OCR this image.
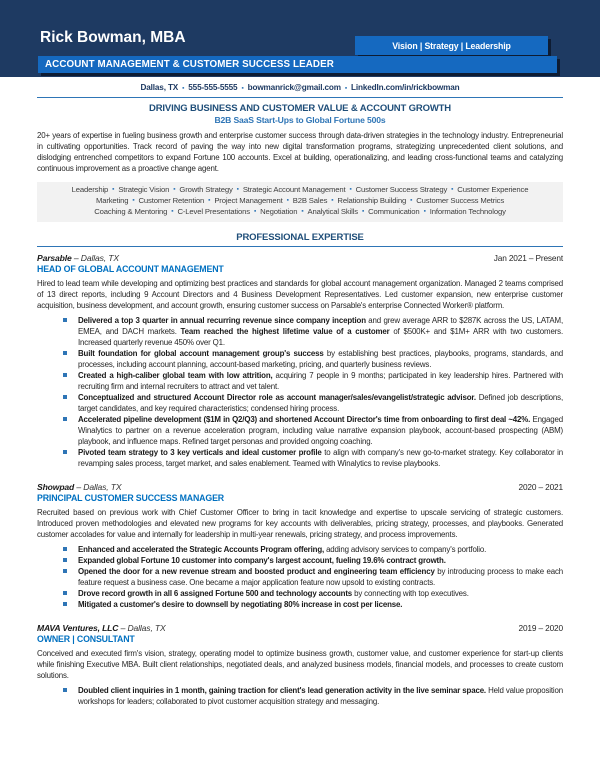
Rick Bowman, MBA	Vision | Strategy | Leadership
ACCOUNT MANAGEMENT & CUSTOMER SUCCESS LEADER
Dallas, TX ▪ 555-555-5555 ▪ bowmanrick@gmail.com ▪ LinkedIn.com/in/rickbowman
DRIVING BUSINESS AND CUSTOMER VALUE & ACCOUNT GROWTH
B2B SaaS Start-Ups to Global Fortune 500s

20+ years of expertise in fueling business growth and enterprise customer success through data-driven strategies in the technology industry. Entrepreneurial in cultivating opportunities. Track record of paving the way into new digital transformation programs, strategizing unprecedented client solutions, and dislodging entrenched competitors to expand Fortune 100 accounts. Excel at building, operationalizing, and leading cross-functional teams and catalyzing continuous improvement as a proactive change agent.

Leadership ▪ Strategic Vision ▪ Growth Strategy ▪ Strategic Account Management ▪ Customer Success Strategy ▪ Customer Experience
Marketing ▪ Customer Retention ▪ Project Management ▪ B2B Sales ▪ Relationship Building ▪ Customer Success Metrics
Coaching & Mentoring ▪ C-Level Presentations ▪ Negotiation ▪ Analytical Skills ▪ Communication ▪ Information Technology
PROFESSIONAL EXPERTISE
Parsable – Dallas, TX	Jan 2021 – Present
HEAD OF GLOBAL ACCOUNT MANAGEMENT

Hired to lead team while developing and optimizing best practices and standards for global account management organization. Managed 2 teams comprised of 13 direct reports, including 9 Account Directors and 4 Business Development Representatives. Led customer expansion, new enterprise customer acquisition, business development, and account growth, ensuring customer success on Parsable's enterprise Connected Worker® platform.

Delivered a top 3 quarter in annual recurring revenue since company inception and grew average ARR to $287K across the US, LATAM, EMEA, and DACH markets. Team reached the highest lifetime value of a customer of $500K+ and $1M+ ARR with two customers. Increased quarterly revenue 450% over Q1.
Built foundation for global account management group's success by establishing best practices, playbooks, programs, standards, and processes, including account planning, account-based marketing, pricing, and quarterly business reviews.
Created a high-caliber global team with low attrition, acquiring 7 people in 9 months; participated in key leadership hires. Partnered with recruiting firm and internal recruiters to attract and vet talent.
Conceptualized and structured Account Director role as account manager/sales/evangelist/strategic advisor. Defined job descriptions, target candidates, and key required characteristics; condensed hiring process.
Accelerated pipeline development ($1M in Q2/Q3) and shortened Account Director's time from onboarding to first deal ~42%. Engaged Winalytics to partner on a revenue acceleration program, including value narrative expansion playbook, account-based prospecting (ABM) playbook, and influence maps. Refined target personas and provided ongoing coaching.
Pivoted team strategy to 3 key verticals and ideal customer profile to align with company's new go-to-market strategy. Key collaborator in revamping sales process, target market, and sales enablement. Teamed with Winalytics to revise playbooks.
Showpad – Dallas, TX	2020 – 2021
PRINCIPAL CUSTOMER SUCCESS MANAGER

Recruited based on previous work with Chief Customer Officer to bring in tacit knowledge and expertise to upscale servicing of strategic customers. Introduced proven methodologies and elevated new programs for key accounts with deliverables, pricing strategy, processes, and playbooks. Generated customer accolades for value and internally for leadership in multi-year renewals, pricing strategy, and process improvements.

Enhanced and accelerated the Strategic Accounts Program offering, adding advisory services to company's portfolio.
Expanded global Fortune 10 customer into company's largest account, fueling 19.6% contract growth.
Opened the door for a new revenue stream and boosted product and engineering team efficiency by introducing process to make each feature request a business case. One became a major application feature now upsold to existing contracts.
Drove record growth in all 6 assigned Fortune 500 and technology accounts by connecting with top executives.
Mitigated a customer's desire to downsell by negotiating 80% increase in cost per license.
MAVA Ventures, LLC – Dallas, TX	2019 – 2020
OWNER | CONSULTANT

Conceived and executed firm's vision, strategy, operating model to optimize business growth, customer value, and customer experience for start-up clients while finishing Executive MBA. Built client relationships, negotiated deals, and analyzed business models, financial models, and processes to create custom solutions.

Doubled client inquiries in 1 month, gaining traction for client's lead generation activity in the live seminar space. Held value proposition workshops for leaders; collaborated to pivot customer acquisition strategy and messaging.
